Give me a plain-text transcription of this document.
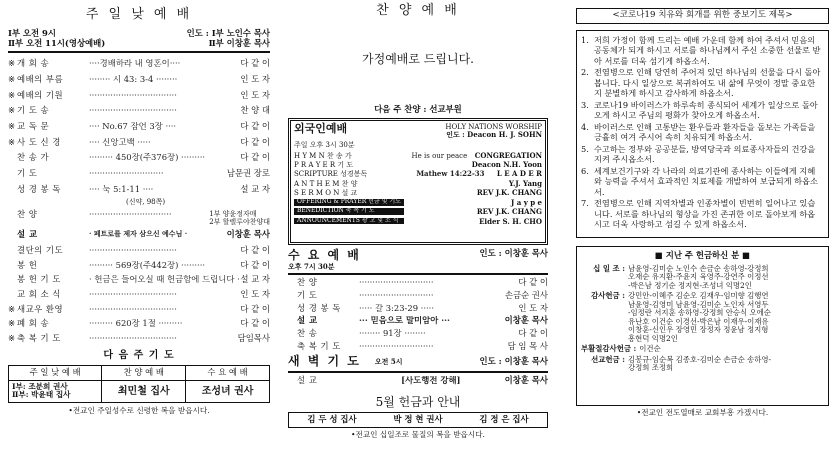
주 일 낮 예 배
Ⅰ부 오전 9시	인도 : Ⅰ부 노인수 목사
Ⅱ부 오전 11시(영상예배)	Ⅱ부 이창훈 목사
※ 개 회 송	····경배하라 내 영혼이····	다 같 이
※ 예배의 부름	········ 시 43: 3-4 ········	인 도 자
※ 예배의 기원	·································	인 도 자
※ 기 도 송	·································	찬 양 대
※ 교 독 문	···· No.67 잠언 3장 ····	다 같 이
※ 사 도 신 경	···· 신앙고백 ·····	다 같 이
찬 송 가	········· 450장(주376장) ·········	다 같 이
기 도	····························	남문권 장로
성 경 봉 독	···· 눅 5:1-11 ····	설 교 자
(신약, 98쪽)
찬 양	·······························	1부 양윤정자매
2부 할렐루야찬양대
설 교	· 페트로를 제자 삼으신 예수님 ·	이창훈 목사
결단의 기도	·································	다 같 이
봉 헌	········· 569장(주442장) ·········	다 같 이
봉 헌 기 도	· 헌금은 들어오실 때 헌금함에 드립니다 · 설 교 자
교 회 소 식	·································	인 도 자
※ 새교우 환영	·································	다 같 이
※ 폐 회 송	········· 620장 1절 ·········	다 같 이
※ 축 복 기 도	·································	담임목사
다 음 주 기 도
주 일 낮 예 배	찬 양 예 배	수 요 예 배

Ⅰ부: 조분희 권사
Ⅱ부: 박윤태 집사	최민철 집사	조성녀 권사
•전교인 주일성수로 신령한 복을 받읍시다.
찬 양 예 배
가정예배로 드립니다.
다음 주 찬양 : 선교부원
외국인예배	HOLY NATIONS WORSHIP
인도 : Deacon H. J. SOHN
주일 오후 3시 30분
H Y M N 찬 송 가	He is our peace	CONGREGATION
P R A Y E R 기 도	Deacon N.H. Yoon
SCRIPTURE 성경봉독	Mathew 14:22-33	L E A D E R
A N T H E M 찬 양	Y.J. Yang
S E R M O N 설 교	REV J.K. CHANG
OFFERING & PRAYER 헌금 및 기도	J a y p e
BENEDICTION 축 복 기 도	REV J.K. CHANG
ANNOUNCEMENTS 광 고 및 소 식	Elder S. H. CHO
수 요 예 배	인도 : 이창훈 목사
오후 7시 30분
찬 양	····························	다 같 이
기 도	····························	손금순 권사
성 경 봉 독	····· 갈 3:23-29 ·····	인 도 자
설 교	··· 믿음으로 말미암아 ···	이창훈 목사
찬 송	········ 91장 ········	다 같 이
축 복 기 도	····························	담 임 목 사
새 벽 기 도 오전 5시	인도 : 이창훈 목사
설 교	[사도행전 강해]	이창훈 목사
5월 헌금과 안내
김 두 성 집사	박 정 현 권사	김 정 은 집사
•전교인 십일조로 물질의 복을 받읍시다.
<코로나19 치유와 회개를 위한 중보기도 제목>
1. 저희 가정이 함께 드리는 예배 가운데 함께 하여 주셔서 믿음의 공동체가 되게 하시고 서로를 하나님께서 주신 소중한 선물로 받아 서로를 더욱 섬기게 하옵소서.
2. 전염병으로 인해 당연히 주어져 있던 하나님의 선물을 다시 돌아봅니다. 다시 일상으로 복귀하여도 내 삶에 무엇이 정말 중요한지 분별하게 하시고 감사하게 하옵소서.
3. 코로나19 바이러스가 하루속히 종식되어 세계가 일상으로 돌아오게 하시고 주님의 평화가 찾아오게 하옵소서.
4. 바이러스로 인해 고통받는 환우들과 환자들을 돌보는 가족들을 긍휼히 여겨 주시어 속히 치유되게 하옵소서.
5. 수고하는 정부와 공공분들, 방역당국과 의료종사자들의 건강을 지켜 주시옵소서.
6. 세계보건기구와 각 나라의 의료기관에 종사하는 이들에게 지혜와 능력을 주셔서 효과적인 치료제를 개발하여 보급되게 하옵소서.
7. 전염병으로 인해 지역차별과 인종차별이 빈번히 일어나고 있습니다. 서로를 하나님의 형상을 가진 존귀한 이로 돌아보게 하옵시고 더욱 사랑하고 섬길 수 있게 하옵소서.
■ 지난 주 헌금하신 분 ■
십 일 조 : 남윤영-김미순 노인수 손금순 송하영-강정희
오재순 유지환-주윤지 육영주-강연주 이정선
-박은남 정기순 정지현-조성녀 익명2인
감사헌금 : 강민안-이혜주 김순오 김재우-임미향 김행연
남윤영-김영미 남윤영-김미순 노인자 서영두
-임정란 서지훈 송하영-강정희 안승식 오에순
유난호 이건순 이경선-박은남 이재우-이재유
이창훈-신인우 장영민 장정자 정윤남 정지형
흥현덕 익명2인
부활절감사헌금 : 이건순
선교헌금 : 김봉규-임순복 김종호-김미순 손금순 송하영-
강정희 조정희
•전교인 전도열매로 교회부흥 가겠시다.
